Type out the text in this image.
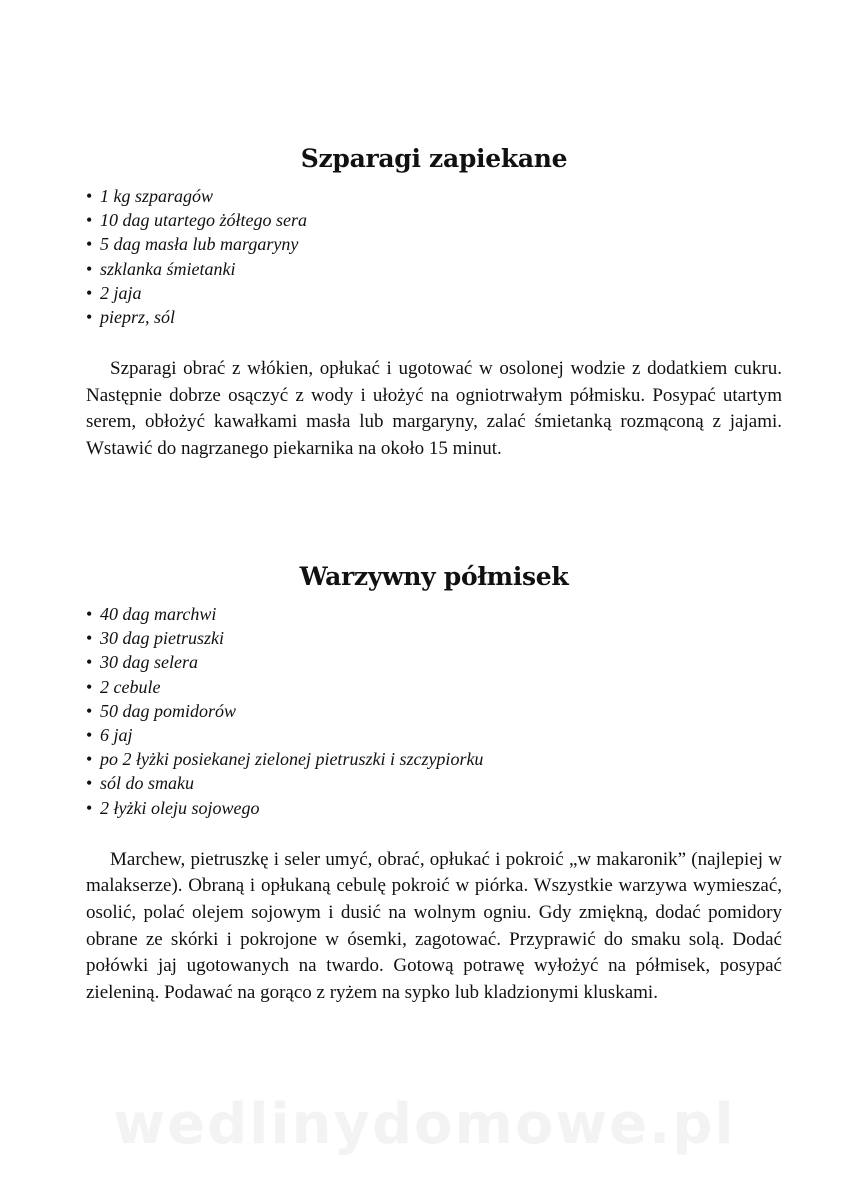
Szparagi zapiekane
• 1 kg szparagów
• 10 dag utartego żółtego sera
• 5 dag masła lub margaryny
• szklanka śmietanki
• 2 jaja
• pieprz, sól

Szparagi obrać z włókien, opłukać i ugotować w osolonej wodzie z dodatkiem cukru. Następnie dobrze osączyć z wody i ułożyć na ogniotrwałym półmisku. Posypać utartym serem, obłożyć kawałkami masła lub margaryny, zalać śmietanką rozmąconą z jajami. Wstawić do nagrzanego piekarnika na około 15 minut.

Warzywny półmisek
• 40 dag marchwi
• 30 dag pietruszki
• 30 dag selera
• 2 cebule
• 50 dag pomidorów
• 6 jaj
• po 2 łyżki posiekanej zielonej pietruszki i szczypiorku
• sól do smaku
• 2 łyżki oleju sojowego

Marchew, pietruszkę i seler umyć, obrać, opłukać i pokroić „w makaronik” (najlepiej w malakserze). Obraną i opłukaną cebulę pokroić w piórka. Wszystkie warzywa wymieszać, osolić, polać olejem sojowym i dusić na wolnym ogniu. Gdy zmiękną, dodać pomidory obrane ze skórki i pokrojone w ósemki, zagotować. Przyprawić do smaku solą. Dodać połówki jaj ugotowanych na twardo. Gotową potrawę wyłożyć na półmisek, posypać zieleniną. Podawać na gorąco z ryżem na sypko lub kladzionymi kluskami.

wedlinydomowe.pl
